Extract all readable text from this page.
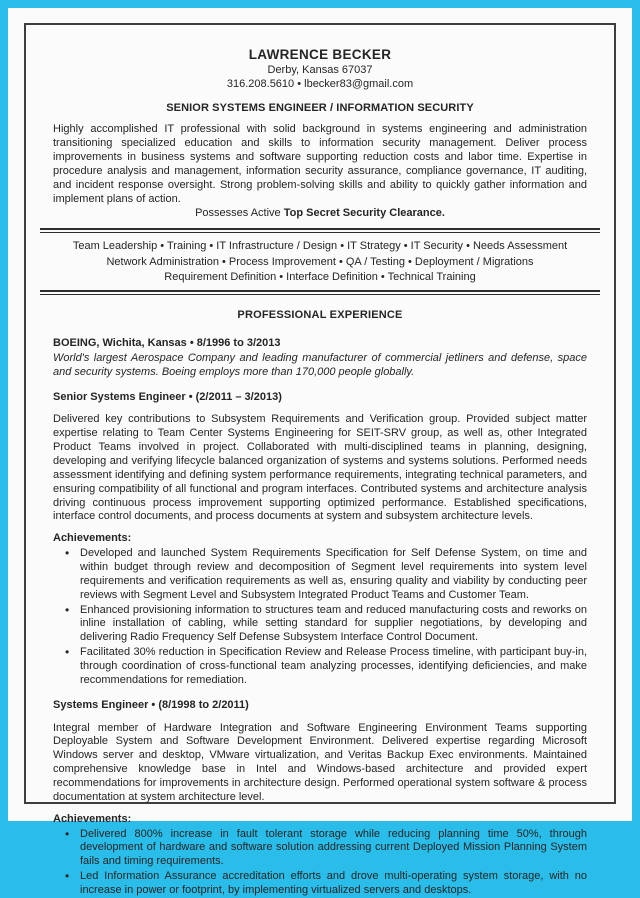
LAWRENCE BECKER
Derby, Kansas 67037
316.208.5610 • lbecker83@gmail.com
SENIOR SYSTEMS ENGINEER / INFORMATION SECURITY
Highly accomplished IT professional with solid background in systems engineering and administration transitioning specialized education and skills to information security management. Deliver process improvements in business systems and software supporting reduction costs and labor time. Expertise in procedure analysis and management, information security assurance, compliance governance, IT auditing, and incident response oversight. Strong problem-solving skills and ability to quickly gather information and implement plans of action.
Possesses Active Top Secret Security Clearance.
Team Leadership • Training • IT Infrastructure / Design • IT Strategy • IT Security • Needs Assessment
Network Administration • Process Improvement • QA / Testing • Deployment / Migrations
Requirement Definition • Interface Definition • Technical Training
PROFESSIONAL EXPERIENCE
BOEING, Wichita, Kansas • 8/1996 to 3/2013
World's largest Aerospace Company and leading manufacturer of commercial jetliners and defense, space and security systems. Boeing employs more than 170,000 people globally.
Senior Systems Engineer • (2/2011 – 3/2013)
Delivered key contributions to Subsystem Requirements and Verification group. Provided subject matter expertise relating to Team Center Systems Engineering for SEIT-SRV group, as well as, other Integrated Product Teams involved in project. Collaborated with multi-disciplined teams in planning, designing, developing and verifying lifecycle balanced organization of systems and systems solutions. Performed needs assessment identifying and defining system performance requirements, integrating technical parameters, and ensuring compatibility of all functional and program interfaces. Contributed systems and architecture analysis driving continuous process improvement supporting optimized performance. Established specifications, interface control documents, and process documents at system and subsystem architecture levels.
Achievements:
• Developed and launched System Requirements Specification for Self Defense System, on time and within budget through review and decomposition of Segment level requirements into system level requirements and verification requirements as well as, ensuring quality and viability by conducting peer reviews with Segment Level and Subsystem Integrated Product Teams and Customer Team.
• Enhanced provisioning information to structures team and reduced manufacturing costs and reworks on inline installation of cabling, while setting standard for supplier negotiations, by developing and delivering Radio Frequency Self Defense Subsystem Interface Control Document.
• Facilitated 30% reduction in Specification Review and Release Process timeline, with participant buy-in, through coordination of cross-functional team analyzing processes, identifying deficiencies, and make recommendations for remediation.
Systems Engineer • (8/1998 to 2/2011)
Integral member of Hardware Integration and Software Engineering Environment Teams supporting Deployable System and Software Development Environment. Delivered expertise regarding Microsoft Windows server and desktop, VMware virtualization, and Veritas Backup Exec environments. Maintained comprehensive knowledge base in Intel and Windows-based architecture and provided expert recommendations for improvements in architecture design. Performed operational system software & process documentation at system architecture level.
Achievements:
• Delivered 800% increase in fault tolerant storage while reducing planning time 50%, through development of hardware and software solution addressing current Deployed Mission Planning System fails and timing requirements.
• Led Information Assurance accreditation efforts and drove multi-operating system storage, with no increase in power or footprint, by implementing virtualized servers and desktops.
